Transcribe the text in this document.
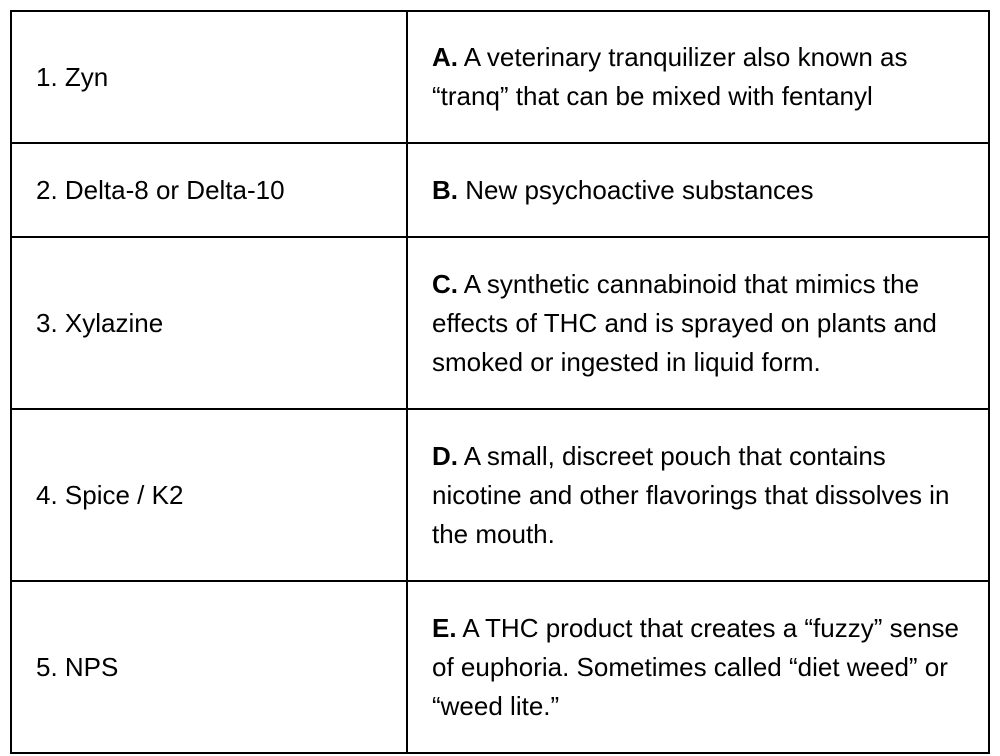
1. Zyn	A. A veterinary tranquilizer also known as “tranq” that can be mixed with fentanyl
2. Delta-8 or Delta-10	B. New psychoactive substances
3. Xylazine	C. A synthetic cannabinoid that mimics the effects of THC and is sprayed on plants and smoked or ingested in liquid form.
4. Spice / K2	D. A small, discreet pouch that contains nicotine and other flavorings that dissolves in the mouth.
5. NPS	E. A THC product that creates a “fuzzy” sense of euphoria. Sometimes called “diet weed” or “weed lite.”
